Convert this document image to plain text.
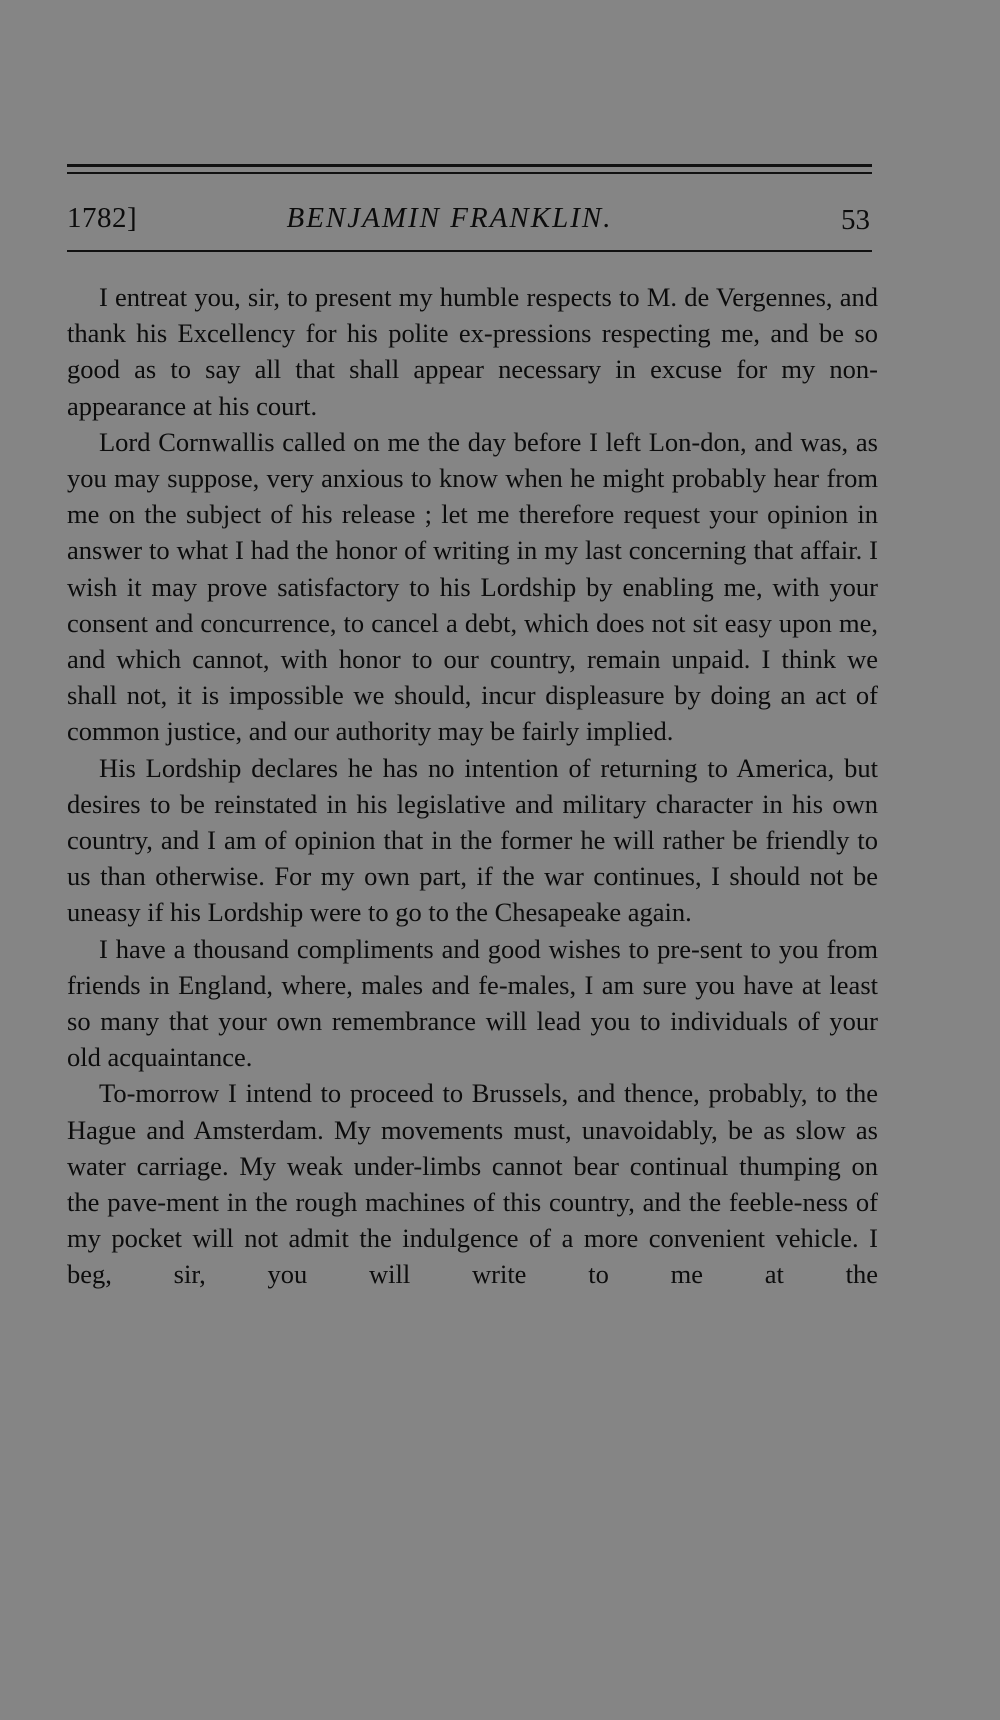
1782]	BENJAMIN FRANKLIN.	53

I entreat you, sir, to present my humble respects to M. de Vergennes, and thank his Excellency for his polite ex-pressions respecting me, and be so good as to say all that shall appear necessary in excuse for my non-appearance at his court.

Lord Cornwallis called on me the day before I left Lon-don, and was, as you may suppose, very anxious to know when he might probably hear from me on the subject of his release ; let me therefore request your opinion in answer to what I had the honor of writing in my last concerning that affair. I wish it may prove satisfactory to his Lordship by enabling me, with your consent and concurrence, to cancel a debt, which does not sit easy upon me, and which cannot, with honor to our country, remain unpaid. I think we shall not, it is impossible we should, incur displeasure by doing an act of common justice, and our authority may be fairly implied.

His Lordship declares he has no intention of returning to America, but desires to be reinstated in his legislative and military character in his own country, and I am of opinion that in the former he will rather be friendly to us than otherwise. For my own part, if the war continues, I should not be uneasy if his Lordship were to go to the Chesapeake again.

I have a thousand compliments and good wishes to pre-sent to you from friends in England, where, males and fe-males, I am sure you have at least so many that your own remembrance will lead you to individuals of your old acquaintance.

To-morrow I intend to proceed to Brussels, and thence, probably, to the Hague and Amsterdam. My movements must, unavoidably, be as slow as water carriage. My weak under-limbs cannot bear continual thumping on the pave-ment in the rough machines of this country, and the feeble-ness of my pocket will not admit the indulgence of a more convenient vehicle. I beg, sir, you will write to me at the
